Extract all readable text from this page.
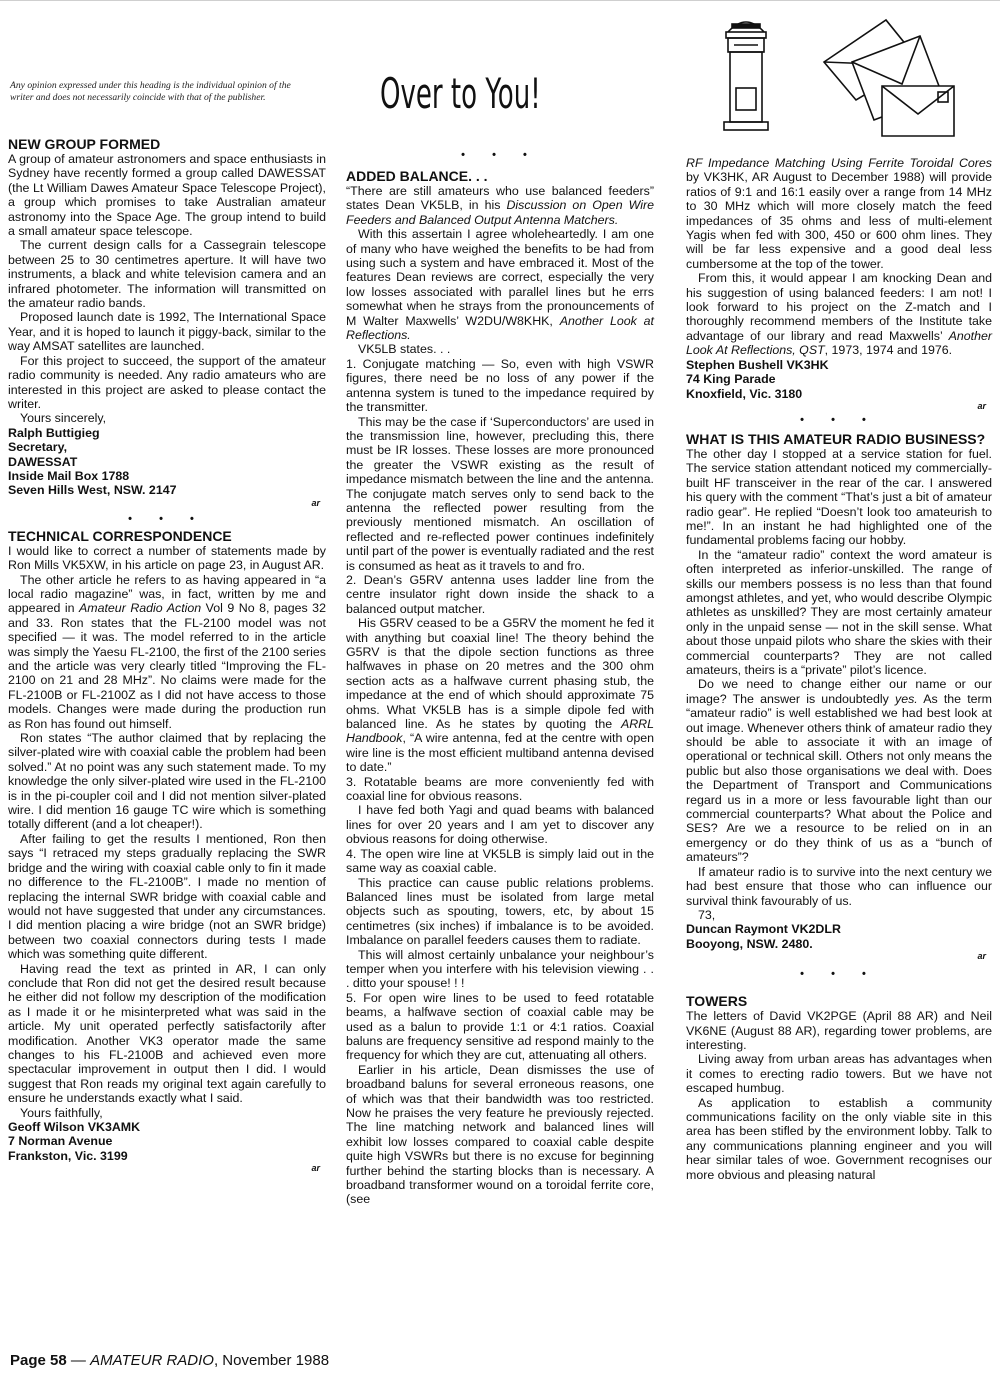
Any opinion expressed under this heading is the individual opinion of the writer and does not necessarily coincide with that of the publisher.	Over to You!

NEW GROUP FORMED

A group of amateur astronomers and space enthusiasts in Sydney have recently formed a group called DAWESSAT (the Lt William Dawes Amateur Space Telescope Project), a group which promises to take Australian amateur astronomy into the Space Age. The group intend to build a small amateur space telescope.

The current design calls for a Cassegrain telescope between 25 to 30 centimetres aperture. It will have two instruments, a black and white television camera and an infrared photometer. The information will transmitted on the amateur radio bands.

Proposed launch date is 1992, The International Space Year, and it is hoped to launch it piggy-back, similar to the way AMSAT satellites are launched.

For this project to succeed, the support of the amateur radio community is needed. Any radio amateurs who are interested in this project are asked to please contact the writer.

Yours sincerely,

Ralph Buttigieg

Secretary,

DAWESSAT

Inside Mail Box 1788

Seven Hills West, NSW. 2147

ar

• • •

TECHNICAL CORRESPONDENCE

I would like to correct a number of statements made by Ron Mills VK5XW, in his article on page 23, in August AR.

The other article he refers to as having appeared in “a local radio magazine” was, in fact, written by me and appeared in Amateur Radio Action Vol 9 No 8, pages 32 and 33. Ron states that the FL-2100 model was not specified — it was. The model referred to in the article was simply the Yaesu FL-2100, the first of the 2100 series and the article was very clearly titled “Improving the FL-2100 on 21 and 28 MHz”. No claims were made for the FL-2100B or FL-2100Z as I did not have access to those models. Changes were made during the production run as Ron has found out himself.

Ron states “The author claimed that by replacing the silver-plated wire with coaxial cable the problem had been solved.” At no point was any such statement made. To my knowledge the only silver-plated wire used in the FL-2100 is in the pi-coupler coil and I did not mention silver-plated wire. I did mention 16 gauge TC wire which is something totally different (and a lot cheaper!).

After failing to get the results I mentioned, Ron then says “I retraced my steps gradually replacing the SWR bridge and the wiring with coaxial cable only to fin it made no difference to the FL-2100B”. I made no mention of replacing the internal SWR bridge with coaxial cable and would not have suggested that under any circumstances. I did mention placing a wire bridge (not an SWR bridge) between two coaxial connectors during tests I made which was something quite different.

Having read the text as printed in AR, I can only conclude that Ron did not get the desired result because he either did not follow my description of the modification as I made it or he misinterpreted what was said in the article. My unit operated perfectly satisfactorily after modification. Another VK3 operator made the same changes to his FL-2100B and achieved even more spectacular improvement in output then I did. I would suggest that Ron reads my original text again carefully to ensure he understands exactly what I said.

Yours faithfully,

Geoff Wilson VK3AMK

7 Norman Avenue

Frankston, Vic. 3199

ar

• • •

ADDED BALANCE. . .

“There are still amateurs who use balanced feeders” states Dean VK5LB, in his Discussion on Open Wire Feeders and Balanced Output Antenna Matchers.

With this assertain I agree wholeheartedly. I am one of many who have weighed the benefits to be had from using such a system and have embraced it. Most of the features Dean reviews are correct, especially the very low losses associated with parallel lines but he errs somewhat when he strays from the pronouncements of M Walter Maxwells’ W2DU/W8KHK, Another Look at Reflections.

VK5LB states. . .

1. Conjugate matching — So, even with high VSWR figures, there need be no loss of any power if the antenna system is tuned to the impedance required by the transmitter.

This may be the case if ‘Superconductors’ are used in the transmission line, however, precluding this, there must be IR losses. These losses are more pronounced the greater the VSWR existing as the result of impedance mismatch between the line and the antenna. The conjugate match serves only to send back to the antenna the reflected power resulting from the previously mentioned mismatch. An oscillation of reflected and re-reflected power continues indefinitely until part of the power is eventually radiated and the rest is consumed as heat as it travels to and fro.

2. Dean’s G5RV antenna uses ladder line from the centre insulator right down inside the shack to a balanced output matcher.

His G5RV ceased to be a G5RV the moment he fed it with anything but coaxial line! The theory behind the G5RV is that the dipole section functions as three halfwaves in phase on 20 metres and the 300 ohm section acts as a halfwave current phasing stub, the impedance at the end of which should approximate 75 ohms. What VK5LB has is a simple dipole fed with balanced line. As he states by quoting the ARRL Handbook, “A wire antenna, fed at the centre with open wire line is the most efficient multiband antenna devised to date.”

3. Rotatable beams are more conveniently fed with coaxial line for obvious reasons.

I have fed both Yagi and quad beams with balanced lines for over 20 years and I am yet to discover any obvious reasons for doing otherwise.

4. The open wire line at VK5LB is simply laid out in the same way as coaxial cable.

This practice can cause public relations problems. Balanced lines must be isolated from large metal objects such as spouting, towers, etc, by about 15 centimetres (six inches) if imbalance is to be avoided. Imbalance on parallel feeders causes them to radiate.

This will almost certainly unbalance your neighbour’s temper when you interfere with his television viewing . . . ditto your spouse! ! !

5. For open wire lines to be used to feed rotatable beams, a halfwave section of coaxial cable may be used as a balun to provide 1:1 or 4:1 ratios. Coaxial baluns are frequency sensitive ad respond mainly to the frequency for which they are cut, attenuating all others.

Earlier in his article, Dean dismisses the use of broadband baluns for several erroneous reasons, one of which was that their bandwidth was too restricted. Now he praises the very feature he previously rejected. The line matching network and balanced lines will exhibit low losses compared to coaxial cable despite quite high VSWRs but there is no excuse for beginning further behind the starting blocks than is necessary. A broadband transformer wound on a toroidal ferrite core, (see

RF Impedance Matching Using Ferrite Toroidal Cores by VK3HK, AR August to December 1988) will provide ratios of 9:1 and 16:1 easily over a range from 14 MHz to 30 MHz which will more closely match the feed impedances of 35 ohms and less of multi-element Yagis when fed with 300, 450 or 600 ohm lines. They will be far less expensive and a good deal less cumbersome at the top of the tower.

From this, it would appear I am knocking Dean and his suggestion of using balanced feeders: I am not! I look forward to his project on the Z-match and I thoroughly recommend members of the Institute take advantage of our library and read Maxwells’ Another Look At Reflections, QST, 1973, 1974 and 1976.

Stephen Bushell VK3HK

74 King Parade

Knoxfield, Vic. 3180

ar

• • •

WHAT IS THIS AMATEUR RADIO BUSINESS?

The other day I stopped at a service station for fuel. The service station attendant noticed my commercially-built HF transceiver in the rear of the car. I answered his query with the comment “That’s just a bit of amateur radio gear”. He replied “Doesn’t look too amateurish to me!”. In an instant he had highlighted one of the fundamental problems facing our hobby.

In the “amateur radio” context the word amateur is often interpreted as inferior-unskilled. The range of skills our members possess is no less than that found amongst athletes, and yet, who would describe Olympic athletes as unskilled? They are most certainly amateur only in the unpaid sense — not in the skill sense. What about those unpaid pilots who share the skies with their commercial counterparts? They are not called amateurs, theirs is a “private” pilot’s licence.

Do we need to change either our name or our image? The answer is undoubtedly yes. As the term “amateur radio” is well established we had best look at out image. Whenever others think of amateur radio they should be able to associate it with an image of operational or technical skill. Others not only means the public but also those organisations we deal with. Does the Department of Transport and Communications regard us in a more or less favourable light than our commercial counterparts? What about the Police and SES? Are we a resource to be relied on in an emergency or do they think of us as a “bunch of amateurs”?

If amateur radio is to survive into the next century we had best ensure that those who can influence our survival think favourably of us.

73,

Duncan Raymont VK2DLR

Booyong, NSW. 2480.

ar

• • •

TOWERS

The letters of David VK2PGE (April 88 AR) and Neil VK6NE (August 88 AR), regarding tower problems, are interesting.

Living away from urban areas has advantages when it comes to erecting radio towers. But we have not escaped humbug.

As application to establish a community communications facility on the only viable site in this area has been stifled by the environment lobby. Talk to any communications planning engineer and you will hear similar tales of woe. Government recognises our more obvious and pleasing natural

Page 58 — AMATEUR RADIO, November 1988
